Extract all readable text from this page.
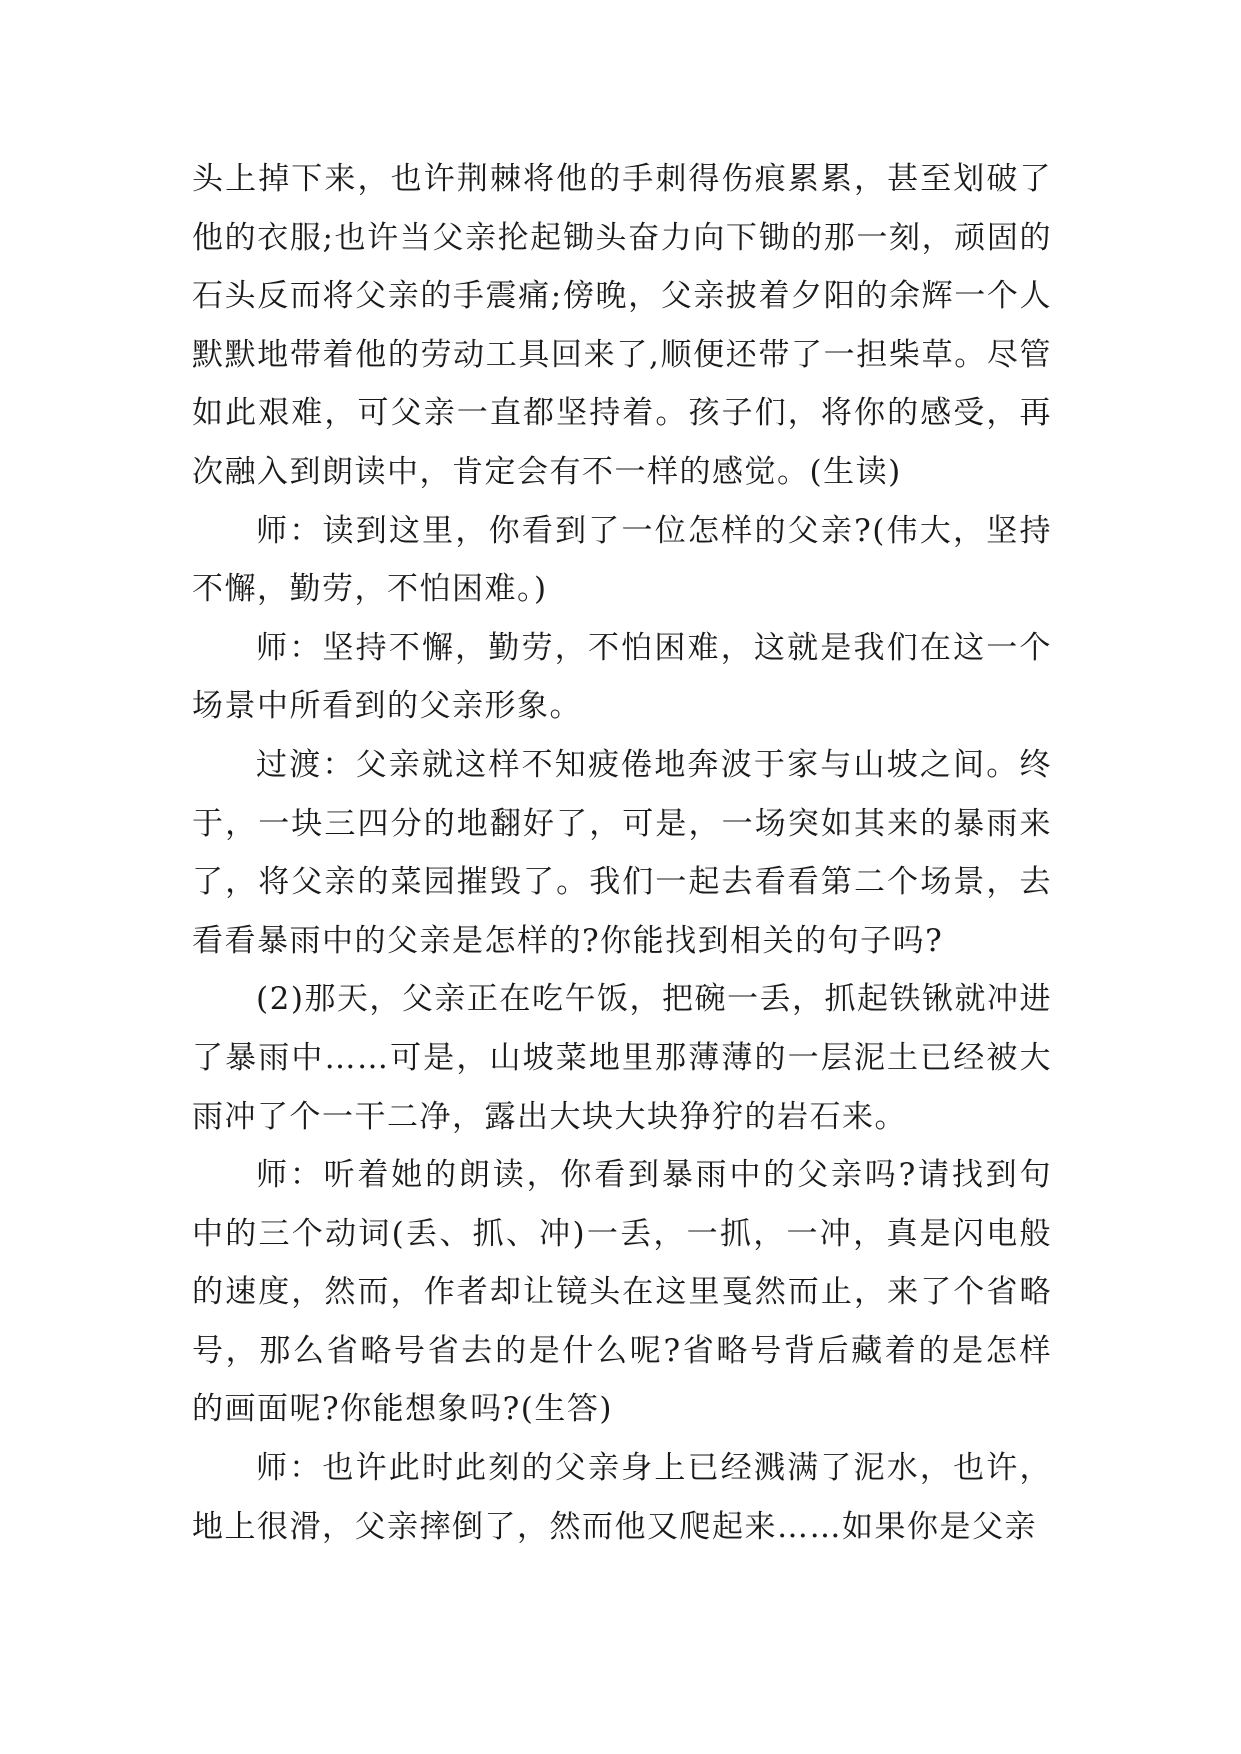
头上掉下来，也许荆棘将他的手刺得伤痕累累，甚至划破了他的衣服;也许当父亲抡起锄头奋力向下锄的那一刻，顽固的石头反而将父亲的手震痛;傍晚，父亲披着夕阳的余辉一个人默默地带着他的劳动工具回来了,顺便还带了一担柴草。尽管如此艰难，可父亲一直都坚持着。孩子们，将你的感受，再次融入到朗读中，肯定会有不一样的感觉。(生读)

师：读到这里，你看到了一位怎样的父亲?(伟大，坚持不懈，勤劳，不怕困难。)

师：坚持不懈，勤劳，不怕困难，这就是我们在这一个场景中所看到的父亲形象。

过渡：父亲就这样不知疲倦地奔波于家与山坡之间。终于，一块三四分的地翻好了，可是，一场突如其来的暴雨来了，将父亲的菜园摧毁了。我们一起去看看第二个场景，去看看暴雨中的父亲是怎样的?你能找到相关的句子吗?

(2)那天，父亲正在吃午饭，把碗一丢，抓起铁锹就冲进了暴雨中……可是，山坡菜地里那薄薄的一层泥土已经被大雨冲了个一干二净，露出大块大块狰狞的岩石来。

师：听着她的朗读，你看到暴雨中的父亲吗?请找到句中的三个动词(丢、抓、冲)一丢，一抓，一冲，真是闪电般的速度，然而，作者却让镜头在这里戛然而止，来了个省略号，那么省略号省去的是什么呢?省略号背后藏着的是怎样的画面呢?你能想象吗?(生答)

师：也许此时此刻的父亲身上已经溅满了泥水，也许，地上很滑，父亲摔倒了，然而他又爬起来……如果你是父亲
